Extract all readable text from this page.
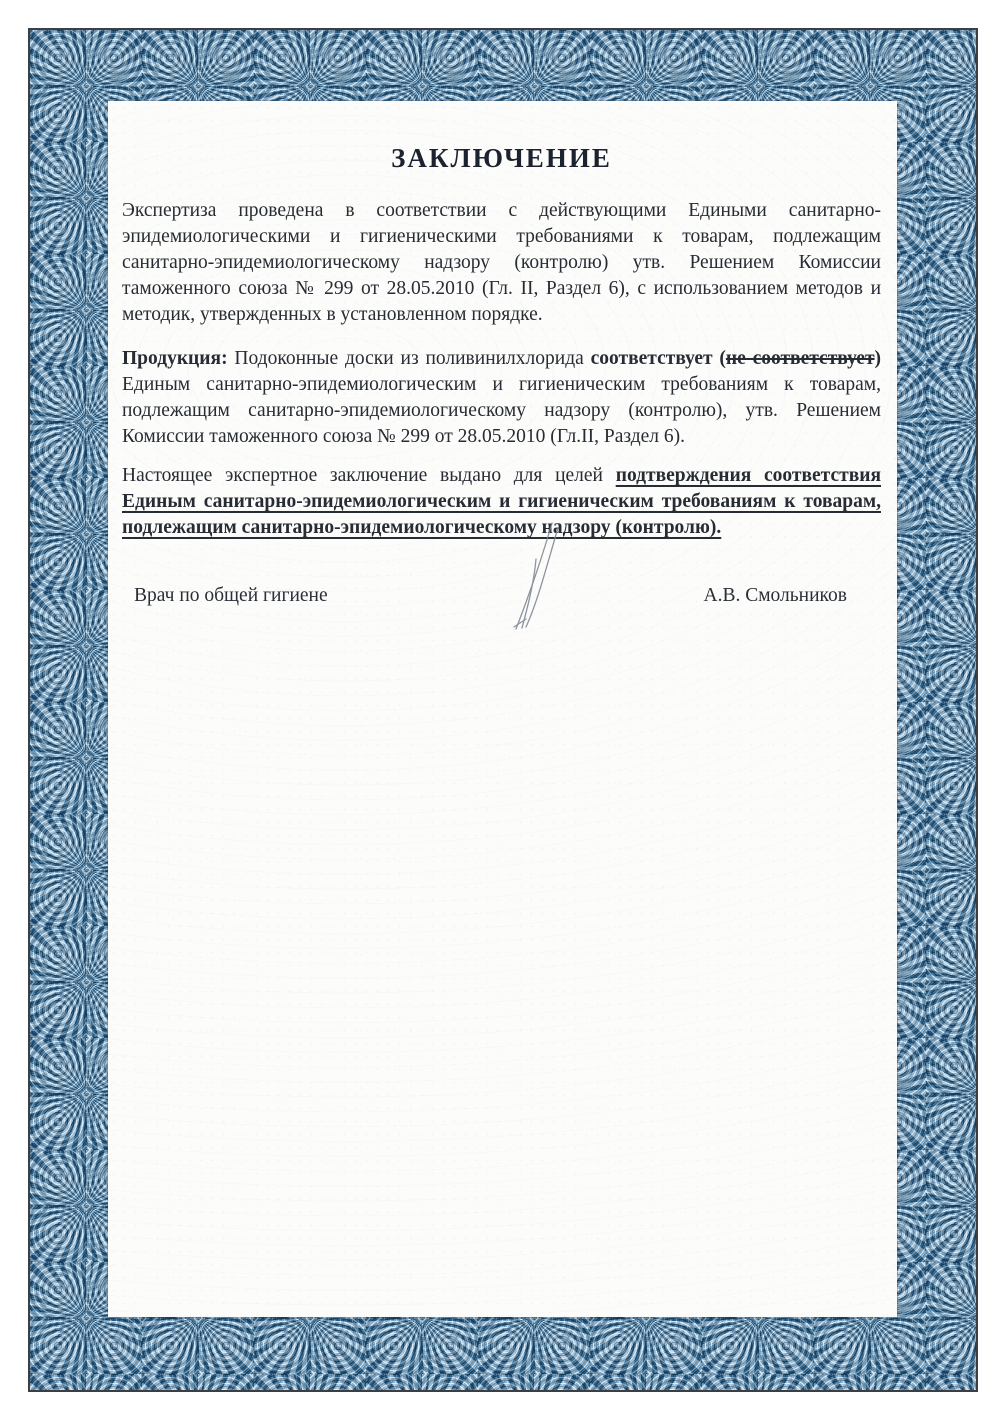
ЗАКЛЮЧЕНИЕ

Экспертиза проведена в соответствии с действующими Едиными санитарно-эпидемиологическими и гигиеническими требованиями к товарам, подлежащим санитарно-эпидемиологическому надзору (контролю) утв. Решением Комиссии таможенного союза № 299 от 28.05.2010 (Гл. II, Раздел 6), с использованием методов и методик, утвержденных в установленном порядке.

Продукция: Подоконные доски из поливинилхлорида соответствует (не соответствует) Единым санитарно-эпидемиологическим и гигиеническим требованиям к товарам, подлежащим санитарно-эпидемиологическому надзору (контролю), утв. Решением Комиссии таможенного союза № 299 от 28.05.2010 (Гл.II, Раздел 6).

Настоящее экспертное заключение выдано для целей подтверждения соответствия Единым санитарно-эпидемиологическим и гигиеническим требованиям к товарам, подлежащим санитарно-эпидемиологическому надзору (контролю).

Врач по общей гигиене	А.В. Смольников
